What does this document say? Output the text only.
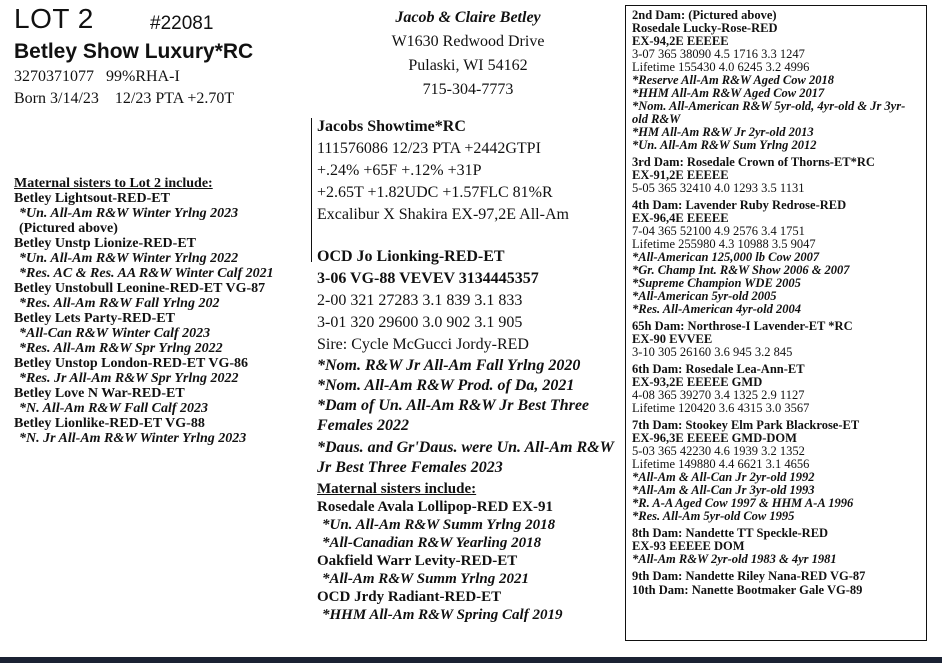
LOT 2	#22081
Betley Show Luxury*RC
3270371077 99%RHA-I
Born 3/14/23 12/23 PTA +2.70T
Maternal sisters to Lot 2 include:
Betley Lightsout-RED-ET
*Un. All-Am R&W Winter Yrlng 2023
(Pictured above)
Betley Unstp Lionize-RED-ET
*Un. All-Am R&W Winter Yrlng 2022
*Res. AC & Res. AA R&W Winter Calf 2021
Betley Unstobull Leonine-RED-ET VG-87
*Res. All-Am R&W Fall Yrlng 202
Betley Lets Party-RED-ET
*All-Can R&W Winter Calf 2023
*Res. All-Am R&W Spr Yrlng 2022
Betley Unstop London-RED-ET VG-86
*Res. Jr All-Am R&W Spr Yrlng 2022
Betley Love N War-RED-ET
*N. All-Am R&W Fall Calf 2023
Betley Lionlike-RED-ET VG-88
*N. Jr All-Am R&W Winter Yrlng 2023
Jacob & Claire Betley
W1630 Redwood Drive
Pulaski, WI 54162
715-304-7773
Jacobs Showtime*RC
111576086 12/23 PTA +2442GTPI
+.24% +65F +.12% +31P
+2.65T +1.82UDC +1.57FLC 81%R
Excalibur X Shakira EX-97,2E All-Am
OCD Jo Lionking-RED-ET
3-06 VG-88 VEVEV 3134445357
2-00 321 27283 3.1 839 3.1 833
3-01 320 29600 3.0 902 3.1 905
Sire: Cycle McGucci Jordy-RED
*Nom. R&W Jr All-Am Fall Yrlng 2020
*Nom. All-Am R&W Prod. of Da, 2021
*Dam of Un. All-Am R&W Jr Best Three Females 2022
*Daus. and Gr'Daus. were Un. All-Am R&W Jr Best Three Females 2023
Maternal sisters include:
Rosedale Avala Lollipop-RED EX-91
*Un. All-Am R&W Summ Yrlng 2018
*All-Canadian R&W Yearling 2018
Oakfield Warr Levity-RED-ET
*All-Am R&W Summ Yrlng 2021
OCD Jrdy Radiant-RED-ET
*HHM All-Am R&W Spring Calf 2019
2nd Dam: (Pictured above)
Rosedale Lucky-Rose-RED
EX-94,2E EEEEE
3-07 365 38090 4.5 1716 3.3 1247
Lifetime 155430 4.0 6245 3.2 4996
*Reserve All-Am R&W Aged Cow 2018
*HHM All-Am R&W Aged Cow 2017
*Nom. All-American R&W 5yr-old, 4yr-old & Jr 3yr-old R&W
*HM All-Am R&W Jr 2yr-old 2013
*Un. All-Am R&W Sum Yrlng 2012
3rd Dam: Rosedale Crown of Thorns-ET*RC
EX-91,2E EEEEE
5-05 365 32410 4.0 1293 3.5 1131
4th Dam: Lavender Ruby Redrose-RED
EX-96,4E EEEEE
7-04 365 52100 4.9 2576 3.4 1751
Lifetime 255980 4.3 10988 3.5 9047
*All-American 125,000 lb Cow 2007
*Gr. Champ Int. R&W Show 2006 & 2007
*Supreme Champion WDE 2005
*All-American 5yr-old 2005
*Res. All-American 4yr-old 2004
65h Dam: Northrose-I Lavender-ET *RC
EX-90 EVVEE
3-10 305 26160 3.6 945 3.2 845
6th Dam: Rosedale Lea-Ann-ET
EX-93,2E EEEEE GMD
4-08 365 39270 3.4 1325 2.9 1127
Lifetime 120420 3.6 4315 3.0 3567
7th Dam: Stookey Elm Park Blackrose-ET
EX-96,3E EEEEE GMD-DOM
5-03 365 42230 4.6 1939 3.2 1352
Lifetime 149880 4.4 6621 3.1 4656
*All-Am & All-Can Jr 2yr-old 1992
*All-Am & All-Can Jr 3yr-old 1993
*R. A-A Aged Cow 1997 & HHM A-A 1996
*Res. All-Am 5yr-old Cow 1995
8th Dam: Nandette TT Speckle-RED
EX-93 EEEEE DOM
*All-Am R&W 2yr-old 1983 & 4yr 1981
9th Dam: Nandette Riley Nana-RED VG-87
10th Dam: Nanette Bootmaker Gale VG-89
